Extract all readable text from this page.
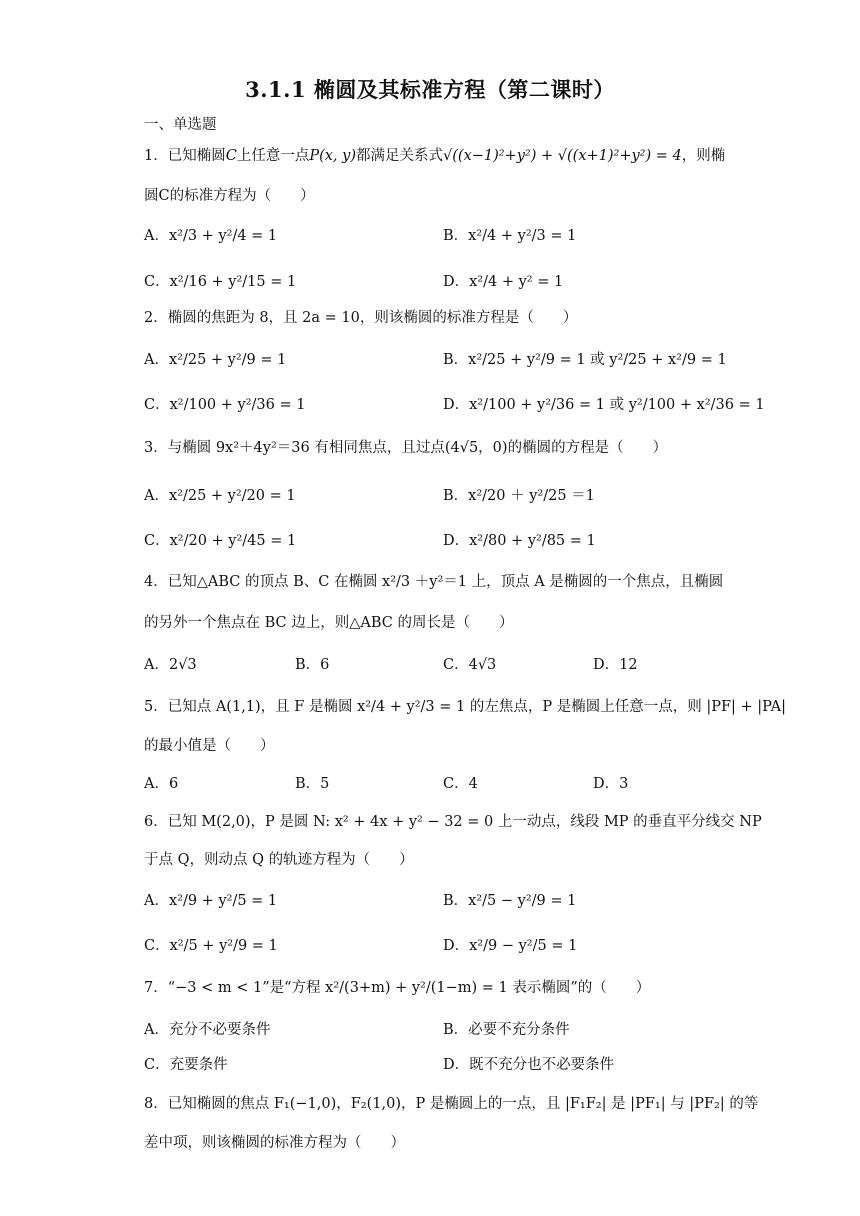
3.1.1 椭圆及其标准方程（第二课时）
一、单选题
1．已知椭圆C上任意一点P(x, y)都满足关系式√((x−1)²+y²) + √((x+1)²+y²) = 4，则椭
圆C的标准方程为（　　）
A．x²/3 + y²/4 = 1	B．x²/4 + y²/3 = 1
C．x²/16 + y²/15 = 1	D．x²/4 + y² = 1
2．椭圆的焦距为 8，且 2a = 10，则该椭圆的标准方程是（　　）
A．x²/25 + y²/9 = 1	B．x²/25 + y²/9 = 1 或 y²/25 + x²/9 = 1
C．x²/100 + y²/36 = 1	D．x²/100 + y²/36 = 1 或 y²/100 + x²/36 = 1
3．与椭圆 9x²＋4y²＝36 有相同焦点，且过点(4√5，0)的椭圆的方程是（　　）
A．x²/25 + y²/20 = 1	B．x²/20 ＋ y²/25 ＝1
C．x²/20 + y²/45 = 1	D．x²/80 + y²/85 = 1
4．已知△ABC 的顶点 B、C 在椭圆 x²/3 ＋y²＝1 上，顶点 A 是椭圆的一个焦点，且椭圆
的另外一个焦点在 BC 边上，则△ABC 的周长是（　　）
A．2√3	B．6	C．4√3	D．12
5．已知点 A(1,1)，且 F 是椭圆 x²/4 + y²/3 = 1 的左焦点，P 是椭圆上任意一点，则 |PF| + |PA|
的最小值是（　　）
A．6	B．5	C．4	D．3
6．已知 M(2,0)，P 是圆 N: x² + 4x + y² − 32 = 0 上一动点，线段 MP 的垂直平分线交 NP
于点 Q，则动点 Q 的轨迹方程为（　　）
A．x²/9 + y²/5 = 1	B．x²/5 − y²/9 = 1
C．x²/5 + y²/9 = 1	D．x²/9 − y²/5 = 1
7．“−3 < m < 1”是“方程 x²/(3+m) + y²/(1−m) = 1 表示椭圆”的（　　）
A．充分不必要条件	B．必要不充分条件
C．充要条件	D．既不充分也不必要条件
8．已知椭圆的焦点 F₁(−1,0)，F₂(1,0)，P 是椭圆上的一点，且 |F₁F₂| 是 |PF₁| 与 |PF₂| 的等
差中项，则该椭圆的标准方程为（　　）
